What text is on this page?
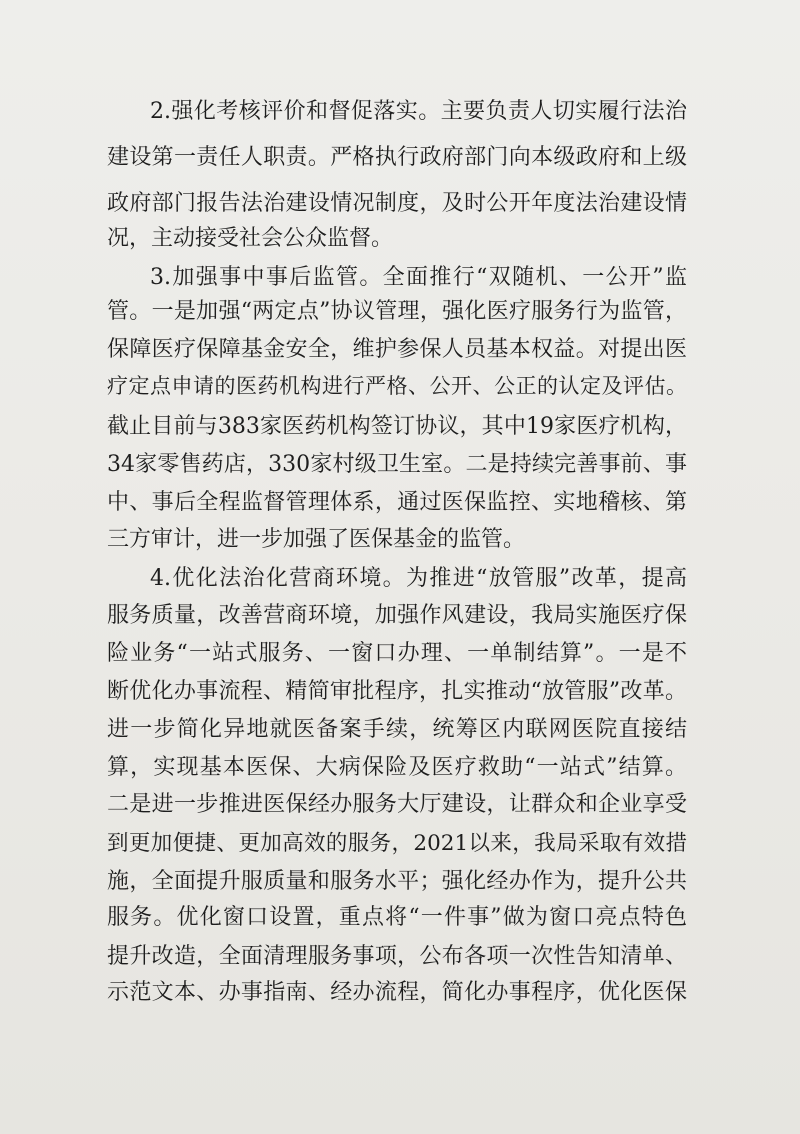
2.强化考核评价和督促落实。主要负责人切实履行法治

建设第一责任人职责。严格执行政府部门向本级政府和上级

政府部门报告法治建设情况制度，及时公开年度法治建设情

况，主动接受社会公众监督。

3.加强事中事后监管。全面推行“双随机、一公开”监

管。一是加强“两定点”协议管理，强化医疗服务行为监管，

保障医疗保障基金安全，维护参保人员基本权益。对提出医

疗定点申请的医药机构进行严格、公开、公正的认定及评估。

截止目前与383家医药机构签订协议，其中19家医疗机构，

34家零售药店，330家村级卫生室。二是持续完善事前、事

中、事后全程监督管理体系，通过医保监控、实地稽核、第

三方审计，进一步加强了医保基金的监管。

4.优化法治化营商环境。为推进“放管服”改革，提高

服务质量，改善营商环境，加强作风建设，我局实施医疗保

险业务“一站式服务、一窗口办理、一单制结算”。一是不

断优化办事流程、精简审批程序，扎实推动“放管服”改革。

进一步简化异地就医备案手续，统筹区内联网医院直接结

算，实现基本医保、大病保险及医疗救助“一站式”结算。

二是进一步推进医保经办服务大厅建设，让群众和企业享受

到更加便捷、更加高效的服务，2021以来，我局采取有效措

施，全面提升服质量和服务水平；强化经办作为，提升公共

服务。优化窗口设置，重点将“一件事”做为窗口亮点特色

提升改造，全面清理服务事项，公布各项一次性告知清单、

示范文本、办事指南、经办流程，简化办事程序，优化医保
